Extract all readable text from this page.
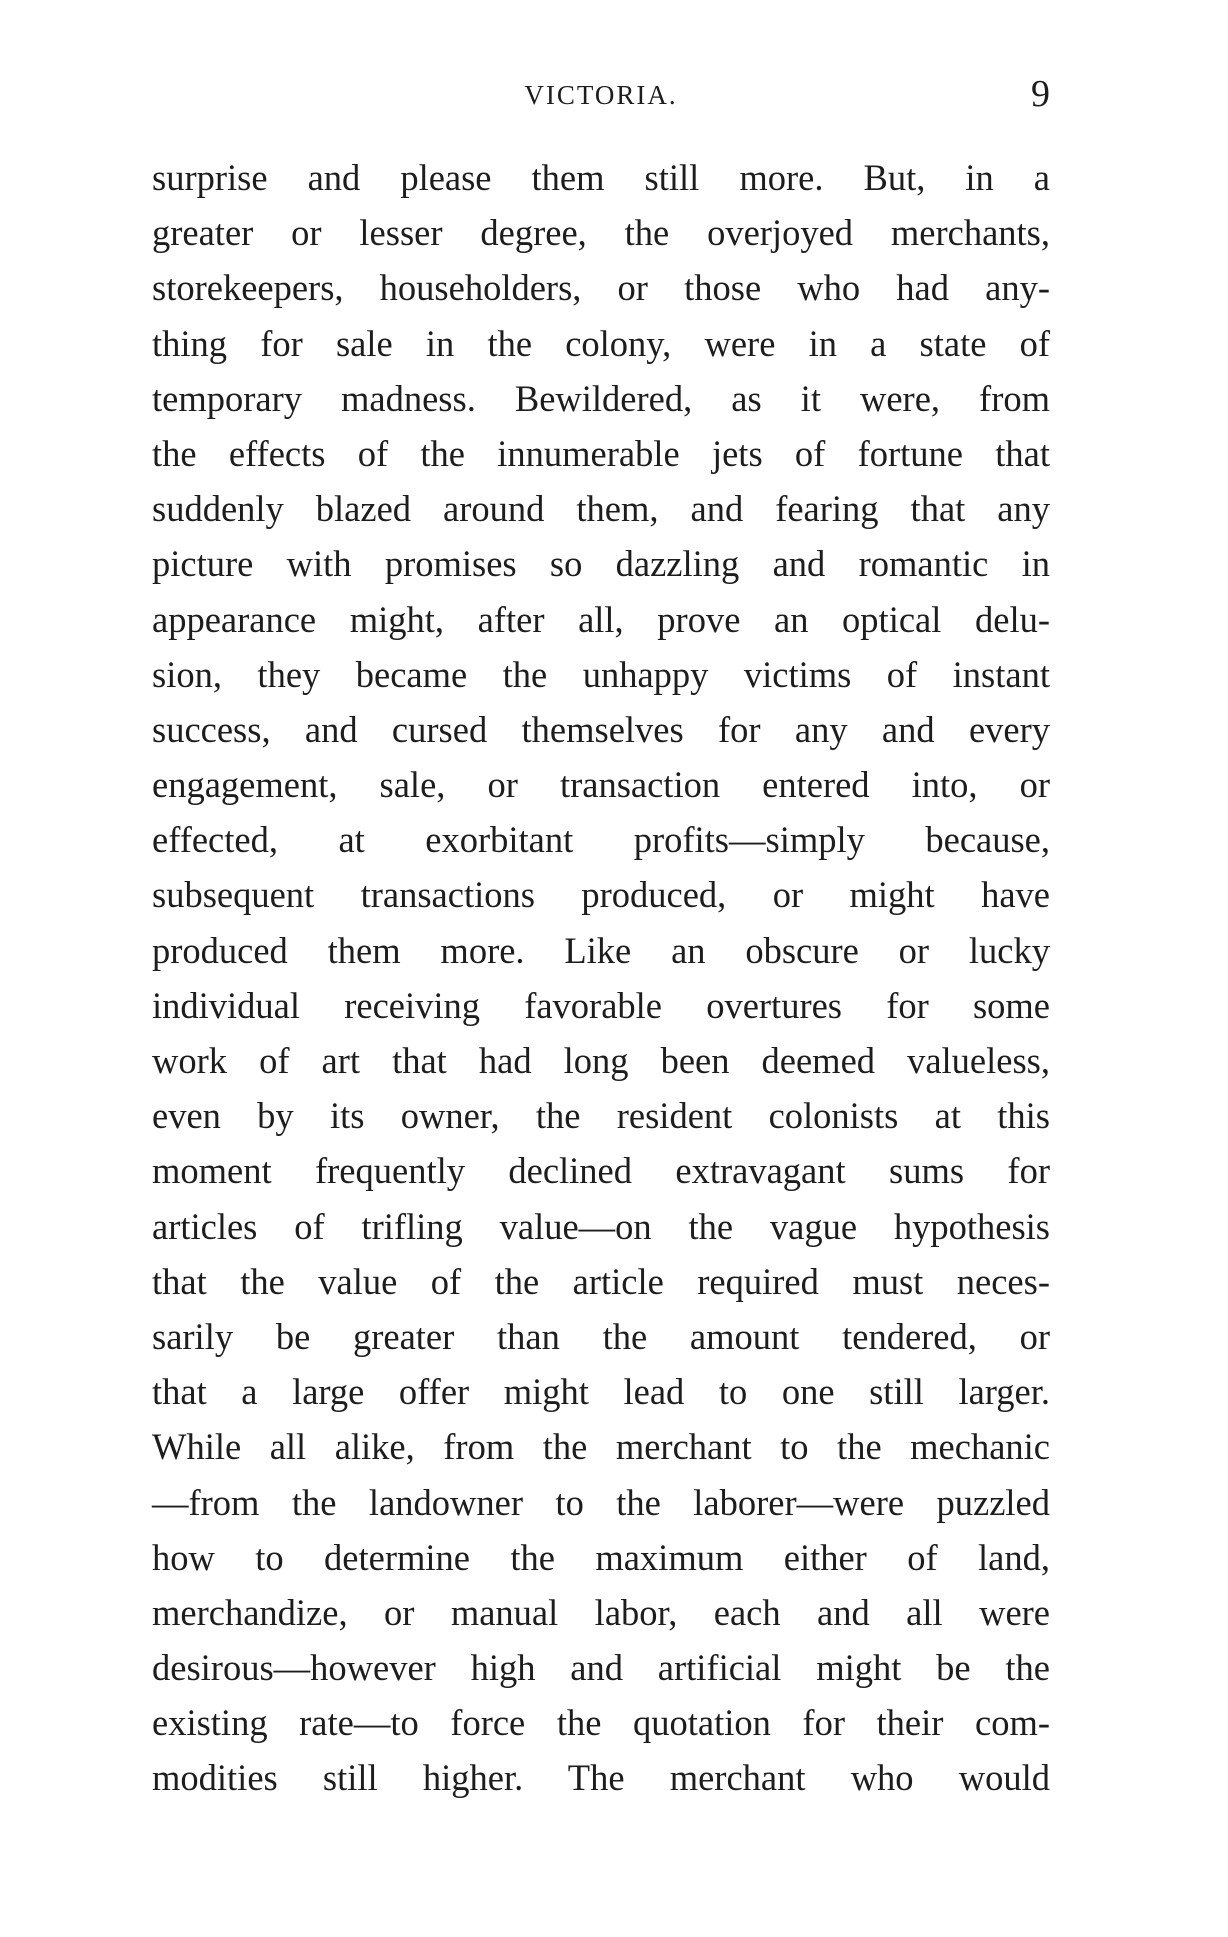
VICTORIA.	9
surprise and please them still more. But, in a
greater or lesser degree, the overjoyed merchants,
storekeepers, householders, or those who had any-
thing for sale in the colony, were in a state of
temporary madness. Bewildered, as it were, from
the effects of the innumerable jets of fortune that
suddenly blazed around them, and fearing that any
picture with promises so dazzling and romantic in
appearance might, after all, prove an optical delu-
sion, they became the unhappy victims of instant
success, and cursed themselves for any and every
engagement, sale, or transaction entered into, or
effected, at exorbitant profits—simply because,
subsequent transactions produced, or might have
produced them more. Like an obscure or lucky
individual receiving favorable overtures for some
work of art that had long been deemed valueless,
even by its owner, the resident colonists at this
moment frequently declined extravagant sums for
articles of trifling value—on the vague hypothesis
that the value of the article required must neces-
sarily be greater than the amount tendered, or
that a large offer might lead to one still larger.
While all alike, from the merchant to the mechanic
—from the landowner to the laborer—were puzzled
how to determine the maximum either of land,
merchandize, or manual labor, each and all were
desirous—however high and artificial might be the
existing rate—to force the quotation for their com-
modities still higher. The merchant who would
